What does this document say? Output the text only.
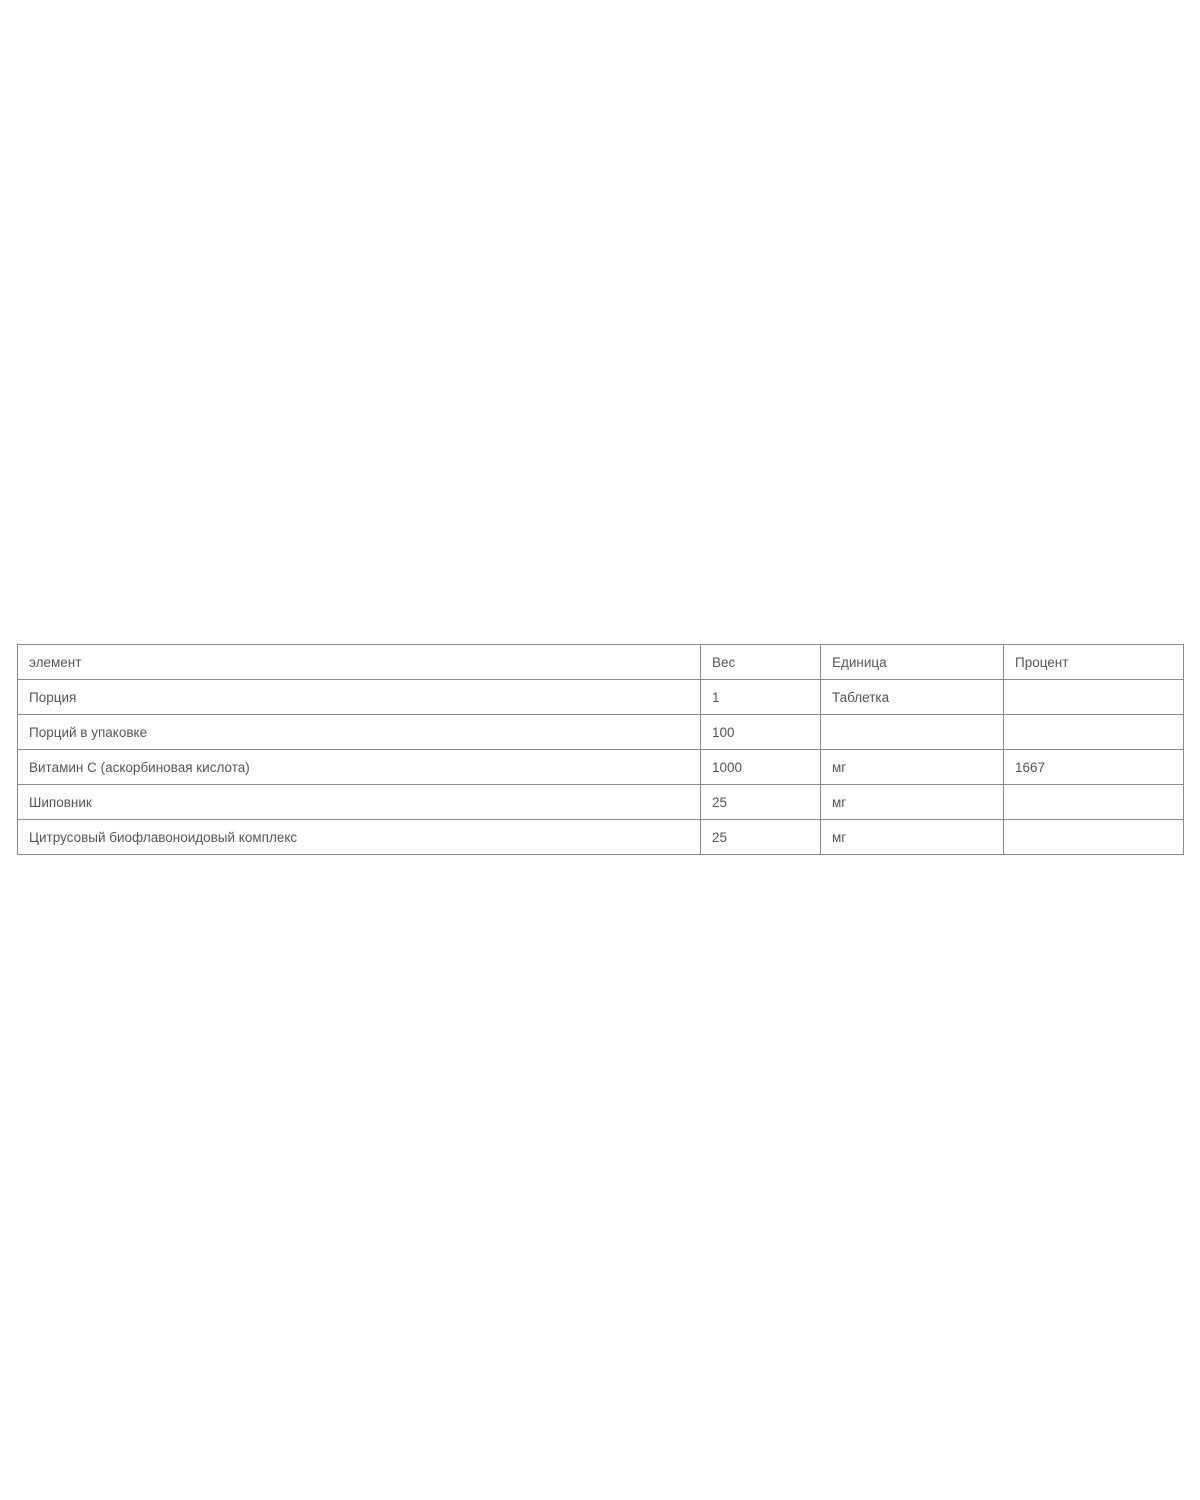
элемент	Вес	Единица	Процент
Порция	1	Таблетка	
Порций в упаковке	100		
Витамин С (аскорбиновая кислота)	1000	мг	1667
Шиповник	25	мг	
Цитрусовый биофлавоноидовый комплекс	25	мг	
